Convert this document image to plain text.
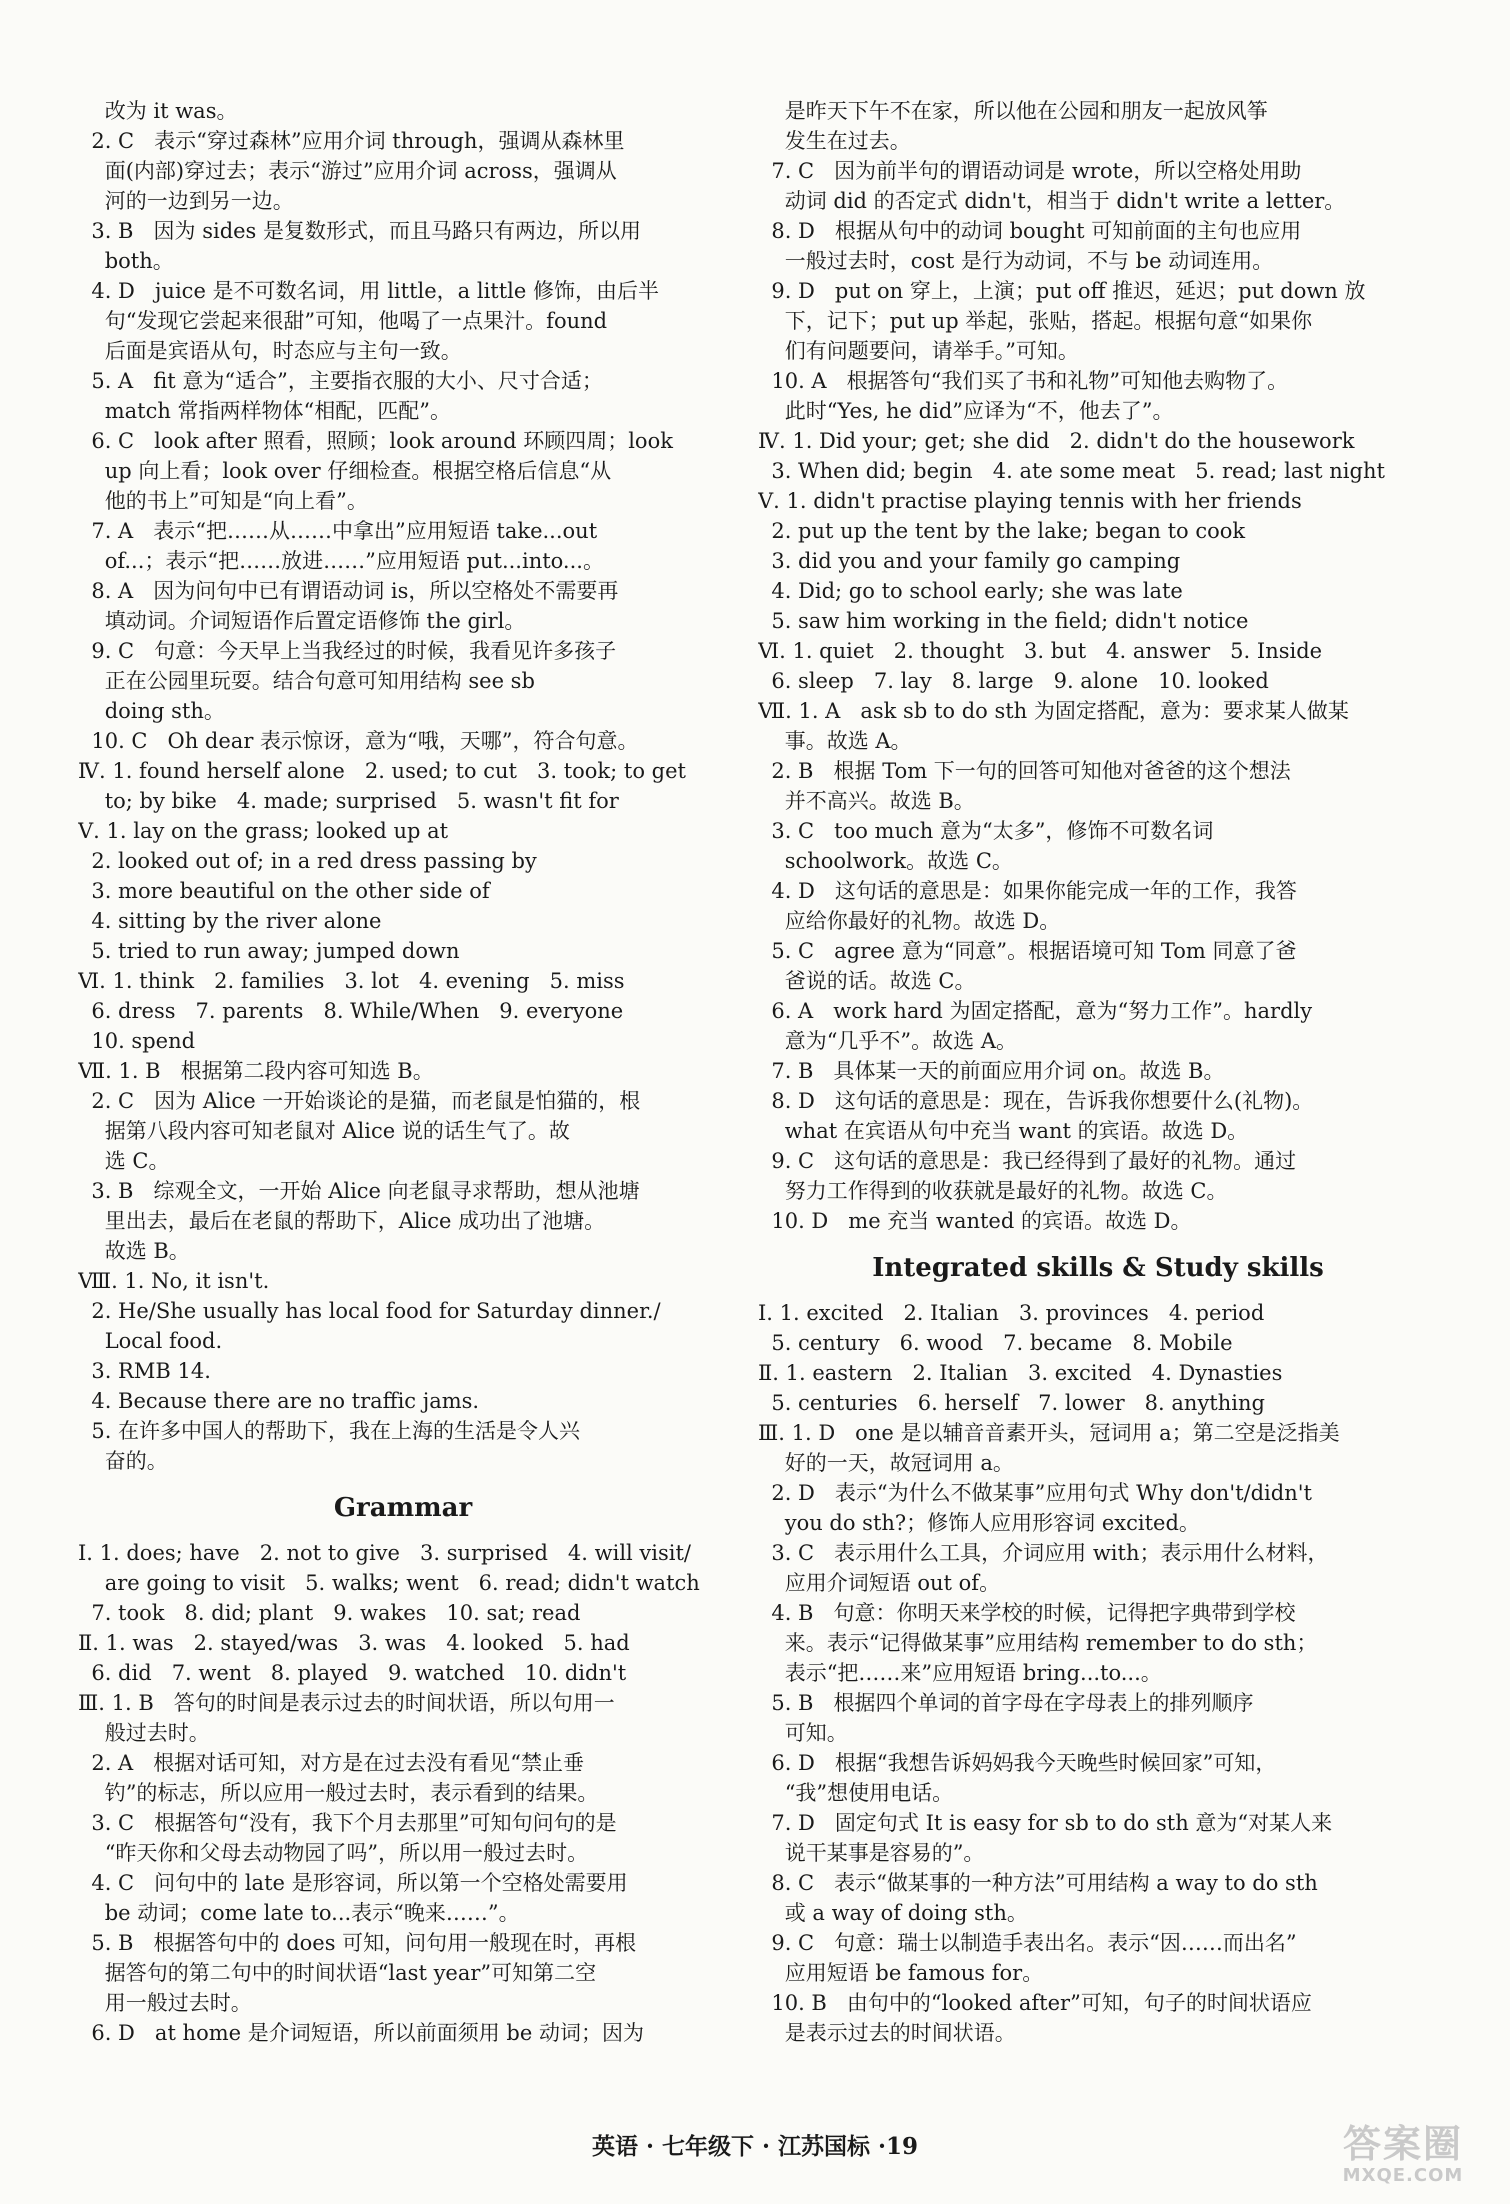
改为 it was。
2. C   表示“穿过森林”应用介词 through，强调从森林里
面(内部)穿过去；表示“游过”应用介词 across，强调从
河的一边到另一边。
3. B   因为 sides 是复数形式，而且马路只有两边，所以用
both。
4. D   juice 是不可数名词，用 little，a little 修饰，由后半
句“发现它尝起来很甜”可知，他喝了一点果汁。found
后面是宾语从句，时态应与主句一致。
5. A   fit 意为“适合”，主要指衣服的大小、尺寸合适；
match 常指两样物体“相配，匹配”。
6. C   look after 照看，照顾；look around 环顾四周；look
up 向上看；look over 仔细检查。根据空格后信息“从
他的书上”可知是“向上看”。
7. A   表示“把……从……中拿出”应用短语 take...out
of...；表示“把……放进……”应用短语 put...into...。
8. A   因为问句中已有谓语动词 is，所以空格处不需要再
填动词。介词短语作后置定语修饰 the girl。
9. C   句意：今天早上当我经过的时候，我看见许多孩子
正在公园里玩耍。结合句意可知用结构 see sb
doing sth。
10. C   Oh dear 表示惊讶，意为“哦，天哪”，符合句意。
Ⅳ. 1. found herself alone   2. used; to cut   3. took; to get
to; by bike   4. made; surprised   5. wasn't fit for
Ⅴ. 1. lay on the grass; looked up at
2. looked out of; in a red dress passing by
3. more beautiful on the other side of
4. sitting by the river alone
5. tried to run away; jumped down
Ⅵ. 1. think   2. families   3. lot   4. evening   5. miss
6. dress   7. parents   8. While/When   9. everyone
10. spend
Ⅶ. 1. B   根据第二段内容可知选 B。
2. C   因为 Alice 一开始谈论的是猫，而老鼠是怕猫的，根
据第八段内容可知老鼠对 Alice 说的话生气了。故
选 C。
3. B   综观全文，一开始 Alice 向老鼠寻求帮助，想从池塘
里出去，最后在老鼠的帮助下，Alice 成功出了池塘。
故选 B。
Ⅷ. 1. No, it isn't.
2. He/She usually has local food for Saturday dinner./
Local food.
3. RMB 14.
4. Because there are no traffic jams.
5. 在许多中国人的帮助下，我在上海的生活是令人兴
奋的。
Grammar
Ⅰ. 1. does; have   2. not to give   3. surprised   4. will visit/
are going to visit   5. walks; went   6. read; didn't watch
7. took   8. did; plant   9. wakes   10. sat; read
Ⅱ. 1. was   2. stayed/was   3. was   4. looked   5. had
6. did   7. went   8. played   9. watched   10. didn't
Ⅲ. 1. B   答句的时间是表示过去的时间状语，所以句用一
般过去时。
2. A   根据对话可知，对方是在过去没有看见“禁止垂
钓”的标志，所以应用一般过去时，表示看到的结果。
3. C   根据答句“没有，我下个月去那里”可知句问句的是
“昨天你和父母去动物园了吗”，所以用一般过去时。
4. C   问句中的 late 是形容词，所以第一个空格处需要用
be 动词；come late to...表示“晚来……”。
5. B   根据答句中的 does 可知，问句用一般现在时，再根
据答句的第二句中的时间状语“last year”可知第二空
用一般过去时。
6. D   at home 是介词短语，所以前面须用 be 动词；因为
是昨天下午不在家，所以他在公园和朋友一起放风筝
发生在过去。
7. C   因为前半句的谓语动词是 wrote，所以空格处用助
动词 did 的否定式 didn't，相当于 didn't write a letter。
8. D   根据从句中的动词 bought 可知前面的主句也应用
一般过去时，cost 是行为动词，不与 be 动词连用。
9. D   put on 穿上，上演；put off 推迟，延迟；put down 放
下，记下；put up 举起，张贴，搭起。根据句意“如果你
们有问题要问，请举手。”可知。
10. A   根据答句“我们买了书和礼物”可知他去购物了。
此时“Yes, he did”应译为“不，他去了”。
Ⅳ. 1. Did your; get; she did   2. didn't do the housework
3. When did; begin   4. ate some meat   5. read; last night
Ⅴ. 1. didn't practise playing tennis with her friends
2. put up the tent by the lake; began to cook
3. did you and your family go camping
4. Did; go to school early; she was late
5. saw him working in the field; didn't notice
Ⅵ. 1. quiet   2. thought   3. but   4. answer   5. Inside
6. sleep   7. lay   8. large   9. alone   10. looked
Ⅶ. 1. A   ask sb to do sth 为固定搭配，意为：要求某人做某
事。故选 A。
2. B   根据 Tom 下一句的回答可知他对爸爸的这个想法
并不高兴。故选 B。
3. C   too much 意为“太多”，修饰不可数名词
schoolwork。故选 C。
4. D   这句话的意思是：如果你能完成一年的工作，我答
应给你最好的礼物。故选 D。
5. C   agree 意为“同意”。根据语境可知 Tom 同意了爸
爸说的话。故选 C。
6. A   work hard 为固定搭配，意为“努力工作”。hardly
意为“几乎不”。故选 A。
7. B   具体某一天的前面应用介词 on。故选 B。
8. D   这句话的意思是：现在，告诉我你想要什么(礼物)。
what 在宾语从句中充当 want 的宾语。故选 D。
9. C   这句话的意思是：我已经得到了最好的礼物。通过
努力工作得到的收获就是最好的礼物。故选 C。
10. D   me 充当 wanted 的宾语。故选 D。
Integrated skills & Study skills
Ⅰ. 1. excited   2. Italian   3. provinces   4. period
5. century   6. wood   7. became   8. Mobile
Ⅱ. 1. eastern   2. Italian   3. excited   4. Dynasties
5. centuries   6. herself   7. lower   8. anything
Ⅲ. 1. D   one 是以辅音音素开头，冠词用 a；第二空是泛指美
好的一天，故冠词用 a。
2. D   表示“为什么不做某事”应用句式 Why don't/didn't
you do sth?；修饰人应用形容词 excited。
3. C   表示用什么工具，介词应用 with；表示用什么材料，
应用介词短语 out of。
4. B   句意：你明天来学校的时候，记得把字典带到学校
来。表示“记得做某事”应用结构 remember to do sth；
表示“把……来”应用短语 bring...to...。
5. B   根据四个单词的首字母在字母表上的排列顺序
可知。
6. D   根据“我想告诉妈妈我今天晚些时候回家”可知，
“我”想使用电话。
7. D   固定句式 It is easy for sb to do sth 意为“对某人来
说干某事是容易的”。
8. C   表示“做某事的一种方法”可用结构 a way to do sth
或 a way of doing sth。
9. C   句意：瑞士以制造手表出名。表示“因……而出名”
应用短语 be famous for。
10. B   由句中的“looked after”可知，句子的时间状语应
是表示过去的时间状语。
英语 · 七年级下 · 江苏国标 ·19	答案圈
MXQE.COM
